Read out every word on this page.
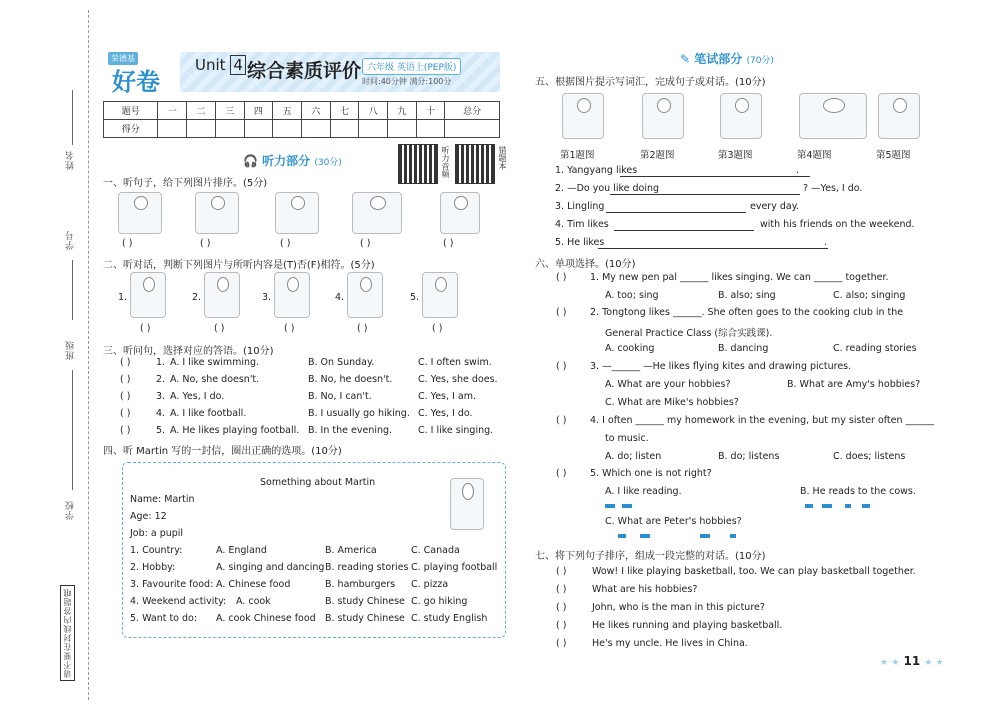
姓名
学号
班级
学校
请不要在封线内答题哦
荣德基
好卷
Unit 4 综合素质评价 六年级 英语上(PEP版)
时间:40分钟 满分:100分
题号	一	二	三	四	五	六	七	八	九	十	总分
得分											
🎧 听力部分 (30分)	听力音频	错题本
一、听句子，给下列图片排序。(5分)
( )	( )	( )	( )	( )
二、听对话，判断下列图片与所听内容是(T)否(F)相符。(5分)
1.
( )
2.
( )
3.
( )
4.
( )
5.
( )
三、听问句，选择对应的答语。(10分)
( )	1. A. I like swimming.	B. On Sunday.	C. I often swim.
( )	2. A. No, she doesn't.	B. No, he doesn't.	C. Yes, she does.
( )	3. A. Yes, I do.	B. No, I can't.	C. Yes, I am.
( )	4. A. I like football.	B. I usually go hiking. C. Yes, I do.
( )	5. A. He likes playing football. B. In the evening.	C. I like singing.
四、听 Martin 写的一封信，圈出正确的选项。(10分)
Something about Martin
Name: Martin
Age: 12
Job: a pupil
1. Country:	A. England	B. America	C. Canada
2. Hobby:	A. singing and dancing B. reading stories C. playing football
3. Favourite food: A. Chinese food	B. hamburgers C. pizza
4. Weekend activity: A. cook	B. study Chinese C. go hiking
5. Want to do: A. cook Chinese food B. study Chinese C. study English
✎ 笔试部分 (70分)
五、根据图片提示写词汇，完成句子或对话。(10分)
第1题图	第2题图	第3题图	第4题图	第5题图
1. Yangyang likes	.
2. —Do you like doing	? —Yes, I do.
3. Lingling	every day.
4. Tim likes	with his friends on the weekend.
5. He likes	.
六、单项选择。(10分)
( ) 1. My new pen pal ______ likes singing. We can ______ together.
A. too; sing	B. also; sing	C. also; singing
( ) 2. Tongtong likes ______. She often goes to the cooking club in the
General Practice Class (综合实践课).
A. cooking	B. dancing	C. reading stories
( ) 3. —______ —He likes flying kites and drawing pictures.
A. What are your hobbies?	B. What are Amy's hobbies?
C. What are Mike's hobbies?
( ) 4. I often ______ my homework in the evening, but my sister often ______
to music.
A. do; listen	B. do; listens	C. does; listens
( ) 5. Which one is not right?
A. I like reading.	B. He reads to the cows.
C. What are Peter's hobbies?
七、将下列句子排序，组成一段完整的对话。(10分)
( )	Wow! I like playing basketball, too. We can play basketball together.
( )	What are his hobbies?
( )	John, who is the man in this picture?
( )	He likes running and playing basketball.
( )	He's my uncle. He lives in China.
★ ★ 11 ★ ★
